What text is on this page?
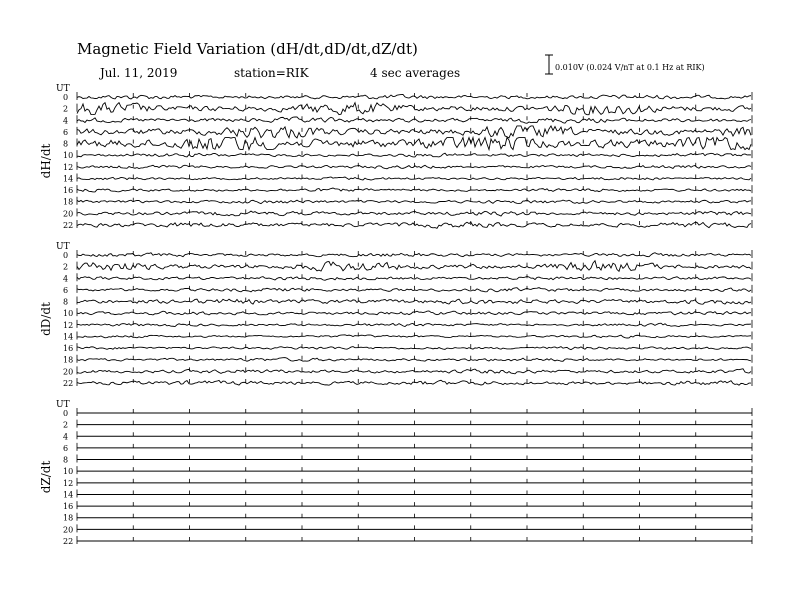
Magnetic Field Variation (dH/dt,dD/dt,dZ/dt)
Jul. 11, 2019	station=RIK	4 sec averages	0.010V (0.024 V/nT at 0.1 Hz at RIK)
UT
dH/dt
0
2
4
6
8
10
12
14
16
18
20
22
UT
dD/dt
0
2
4
6
8
10
12
14
16
18
20
22
UT
dZ/dt
0
2
4
6
8
10
12
14
16
18
20
22
